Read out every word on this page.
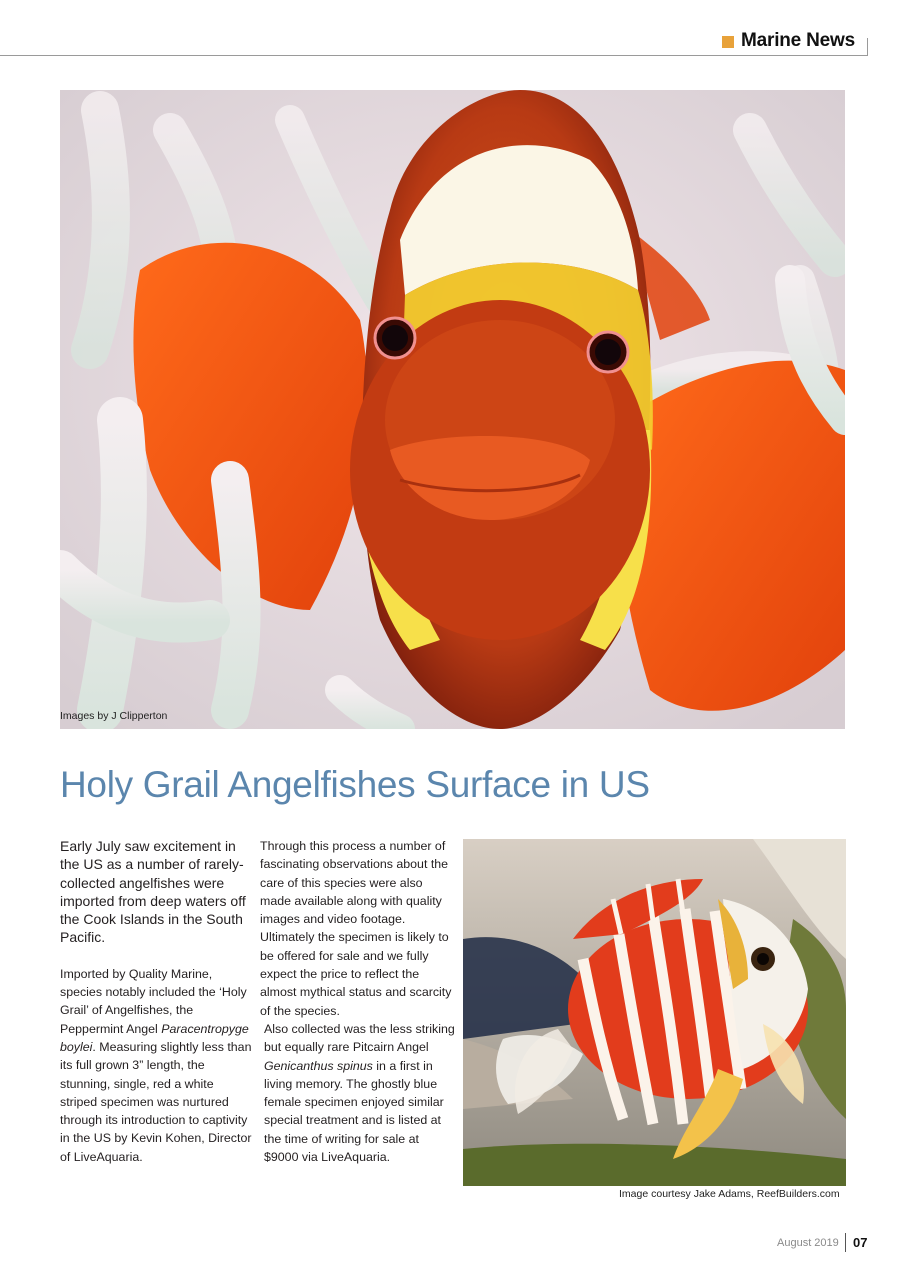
Marine News
Images by J Clipperton
Holy Grail Angelfishes Surface in US

Early July saw excitement in the US as a number of rarely-collected angelfishes were imported from deep waters off the Cook Islands in the South Pacific.

Imported by Quality Marine, species notably included the ‘Holy Grail’ of Angelfishes, the Peppermint Angel Paracentropyge boylei. Measuring slightly less than its full grown 3” length, the stunning, single, red a white striped specimen was nurtured through its introduction to captivity in the US by Kevin Kohen, Director of LiveAquaria.

Through this process a number of fascinating observations about the care of this species were also made available along with quality images and video footage. Ultimately the specimen is likely to be offered for sale and we fully expect the price to reflect the almost mythical status and scarcity of the species.

Also collected was the less striking but equally rare Pitcairn Angel Genicanthus spinus in a first in living memory. The ghostly blue female specimen enjoyed similar special treatment and is listed at the time of writing for sale at $9000 via LiveAquaria.

Image courtesy Jake Adams, ReefBuilders.com
August 2019 07
